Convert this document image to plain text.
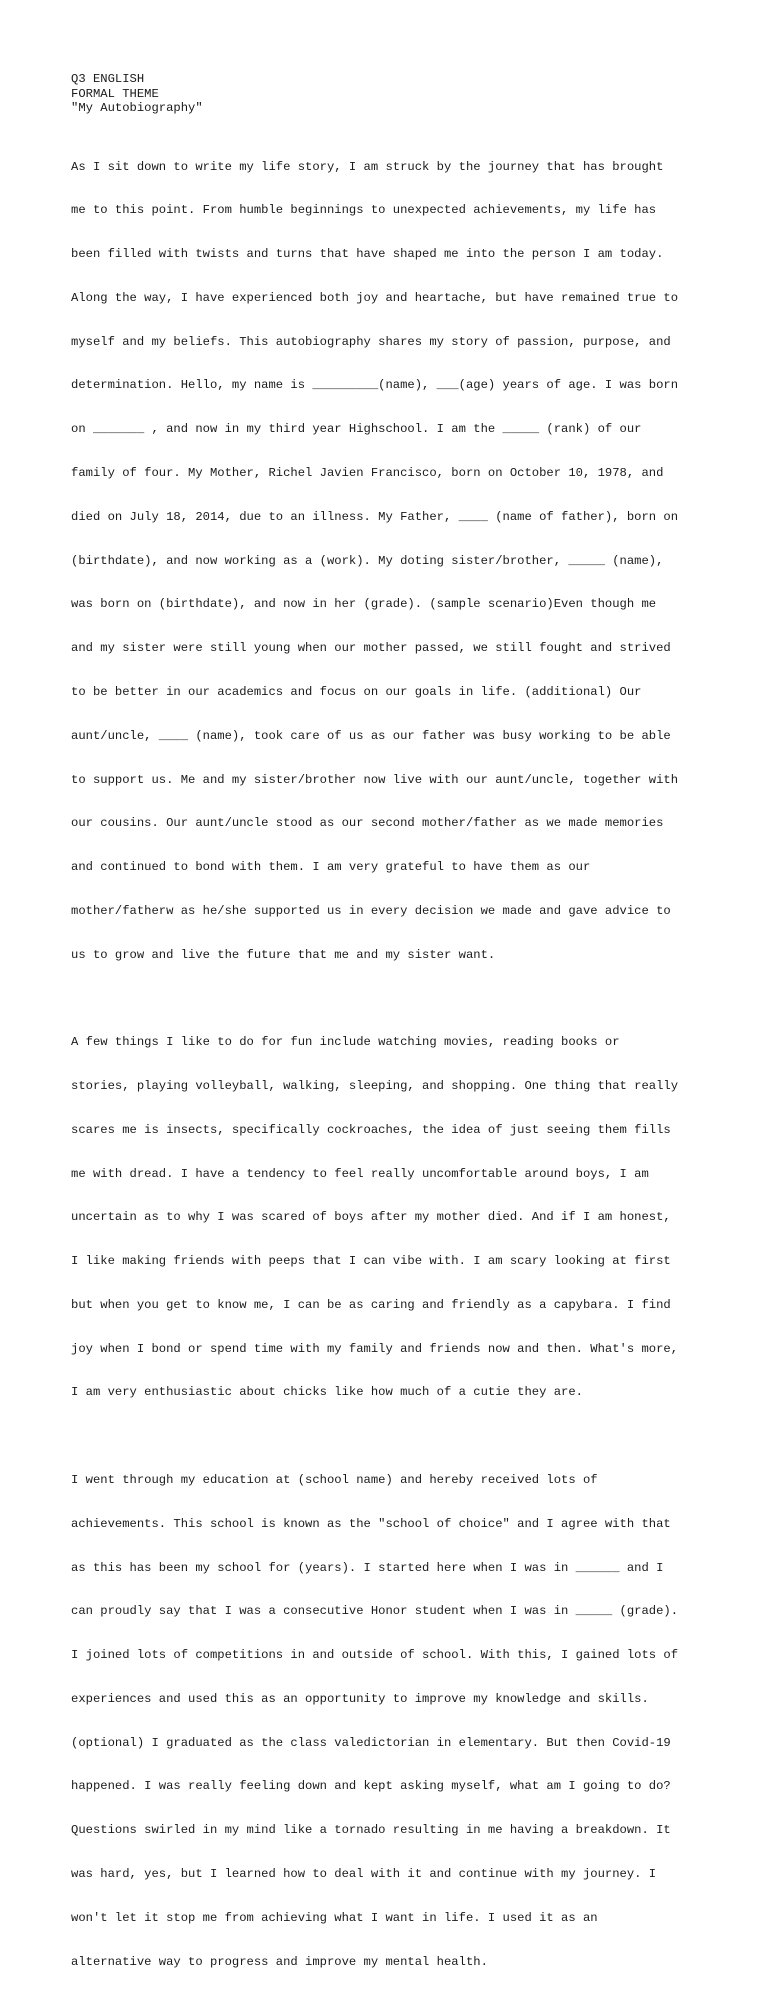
Q3 ENGLISH
FORMAL THEME
"My Autobiography"

As I sit down to write my life story, I am struck by the journey that has brought

me to this point. From humble beginnings to unexpected achievements, my life has

been filled with twists and turns that have shaped me into the person I am today.

Along the way, I have experienced both joy and heartache, but have remained true to

myself and my beliefs. This autobiography shares my story of passion, purpose, and

determination. Hello, my name is _________(name), ___(age) years of age. I was born

on _______ , and now in my third year Highschool. I am the _____ (rank) of our

family of four. My Mother, Richel Javien Francisco, born on October 10, 1978, and

died on July 18, 2014, due to an illness. My Father, ____ (name of father), born on

(birthdate), and now working as a (work). My doting sister/brother, _____ (name),

was born on (birthdate), and now in her (grade). (sample scenario)Even though me

and my sister were still young when our mother passed, we still fought and strived

to be better in our academics and focus on our goals in life. (additional) Our

aunt/uncle, ____ (name), took care of us as our father was busy working to be able

to support us. Me and my sister/brother now live with our aunt/uncle, together with

our cousins. Our aunt/uncle stood as our second mother/father as we made memories

and continued to bond with them. I am very grateful to have them as our

mother/fatherw as he/she supported us in every decision we made and gave advice to

us to grow and live the future that me and my sister want.

A few things I like to do for fun include watching movies, reading books or

stories, playing volleyball, walking, sleeping, and shopping. One thing that really

scares me is insects, specifically cockroaches, the idea of just seeing them fills

me with dread. I have a tendency to feel really uncomfortable around boys, I am

uncertain as to why I was scared of boys after my mother died. And if I am honest,

I like making friends with peeps that I can vibe with. I am scary looking at first

but when you get to know me, I can be as caring and friendly as a capybara. I find

joy when I bond or spend time with my family and friends now and then. What's more,

I am very enthusiastic about chicks like how much of a cutie they are.

I went through my education at (school name) and hereby received lots of

achievements. This school is known as the "school of choice" and I agree with that

as this has been my school for (years). I started here when I was in ______ and I

can proudly say that I was a consecutive Honor student when I was in _____ (grade).

I joined lots of competitions in and outside of school. With this, I gained lots of

experiences and used this as an opportunity to improve my knowledge and skills.

(optional) I graduated as the class valedictorian in elementary. But then Covid-19

happened. I was really feeling down and kept asking myself, what am I going to do?

Questions swirled in my mind like a tornado resulting in me having a breakdown. It

was hard, yes, but I learned how to deal with it and continue with my journey. I

won't let it stop me from achieving what I want in life. I used it as an

alternative way to progress and improve my mental health.
